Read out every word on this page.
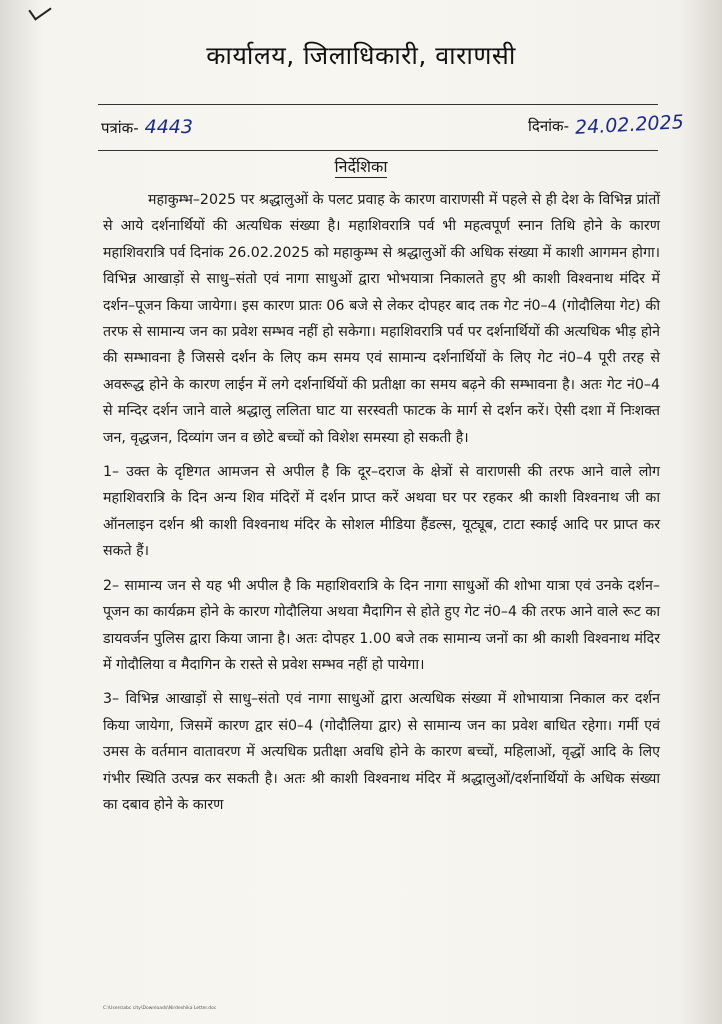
कार्यालय, जिलाधिकारी, वाराणसी
पत्रांक- 4443	दिनांक- 24.02.2025
निर्देशिका

महाकुम्भ–2025 पर श्रद्धालुओं के पलट प्रवाह के कारण वाराणसी में पहले से ही देश के विभिन्न प्रांतों से आये दर्शनार्थियों की अत्यधिक संख्या है। महाशिवरात्रि पर्व भी महत्वपूर्ण स्नान तिथि होने के कारण महाशिवरात्रि पर्व दिनांक 26.02.2025 को महाकुम्भ से श्रद्धालुओं की अधिक संख्या में काशी आगमन होगा। विभिन्न आखाड़ों से साधु–संतो एवं नागा साधुओं द्वारा भोभयात्रा निकालते हुए श्री काशी विश्वनाथ मंदिर में दर्शन–पूजन किया जायेगा। इस कारण प्रातः 06 बजे से लेकर दोपहर बाद तक गेट नं0–4 (गोदौलिया गेट) की तरफ से सामान्य जन का प्रवेश सम्भव नहीं हो सकेगा। महाशिवरात्रि पर्व पर दर्शनार्थियों की अत्यधिक भीड़ होने की सम्भावना है जिससे दर्शन के लिए कम समय एवं सामान्य दर्शनार्थियों के लिए गेट नं0–4 पूरी तरह से अवरूद्ध होने के कारण लाईन में लगे दर्शनार्थियों की प्रतीक्षा का समय बढ़ने की सम्भावना है। अतः गेट नं0–4 से मन्दिर दर्शन जाने वाले श्रद्धालु ललिता घाट या सरस्वती फाटक के मार्ग से दर्शन करें। ऐसी दशा में निःशक्त जन, वृद्धजन, दिव्यांग जन व छोटे बच्चों को विशेश समस्या हो सकती है।

1– उक्त के दृष्टिगत आमजन से अपील है कि दूर–दराज के क्षेत्रों से वाराणसी की तरफ आने वाले लोग महाशिवरात्रि के दिन अन्य शिव मंदिरों में दर्शन प्राप्त करें अथवा घर पर रहकर श्री काशी विश्वनाथ जी का ऑनलाइन दर्शन श्री काशी विश्वनाथ मंदिर के सोशल मीडिया हैंडल्स, यूट्यूब, टाटा स्काई आदि पर प्राप्त कर सकते हैं।

2– सामान्य जन से यह भी अपील है कि महाशिवरात्रि के दिन नागा साधुओं की शोभा यात्रा एवं उनके दर्शन–पूजन का कार्यक्रम होने के कारण गोदौलिया अथवा मैदागिन से होते हुए गेट नं0–4 की तरफ आने वाले रूट का डायवर्जन पुलिस द्वारा किया जाना है। अतः दोपहर 1.00 बजे तक सामान्य जनों का श्री काशी विश्वनाथ मंदिर में गोदौलिया व मैदागिन के रास्ते से प्रवेश सम्भव नहीं हो पायेगा।

3– विभिन्न आखाड़ों से साधु–संतो एवं नागा साधुओं द्वारा अत्यधिक संख्या में शोभायात्रा निकाल कर दर्शन किया जायेगा, जिसमें कारण द्वार सं0–4 (गोदौलिया द्वार) से सामान्य जन का प्रवेश बाधित रहेगा। गर्मी एवं उमस के वर्तमान वातावरण में अत्यधिक प्रतीक्षा अवधि होने के कारण बच्चों, महिलाओं, वृद्धों आदि के लिए गंभीर स्थिति उत्पन्न कर सकती है। अतः श्री काशी विश्वनाथ मंदिर में श्रद्धालुओं/दर्शनार्थियों के अधिक संख्या का दबाव होने के कारण

C:\Users\abc city\Downloads\Nirdeshika Letter.doc
